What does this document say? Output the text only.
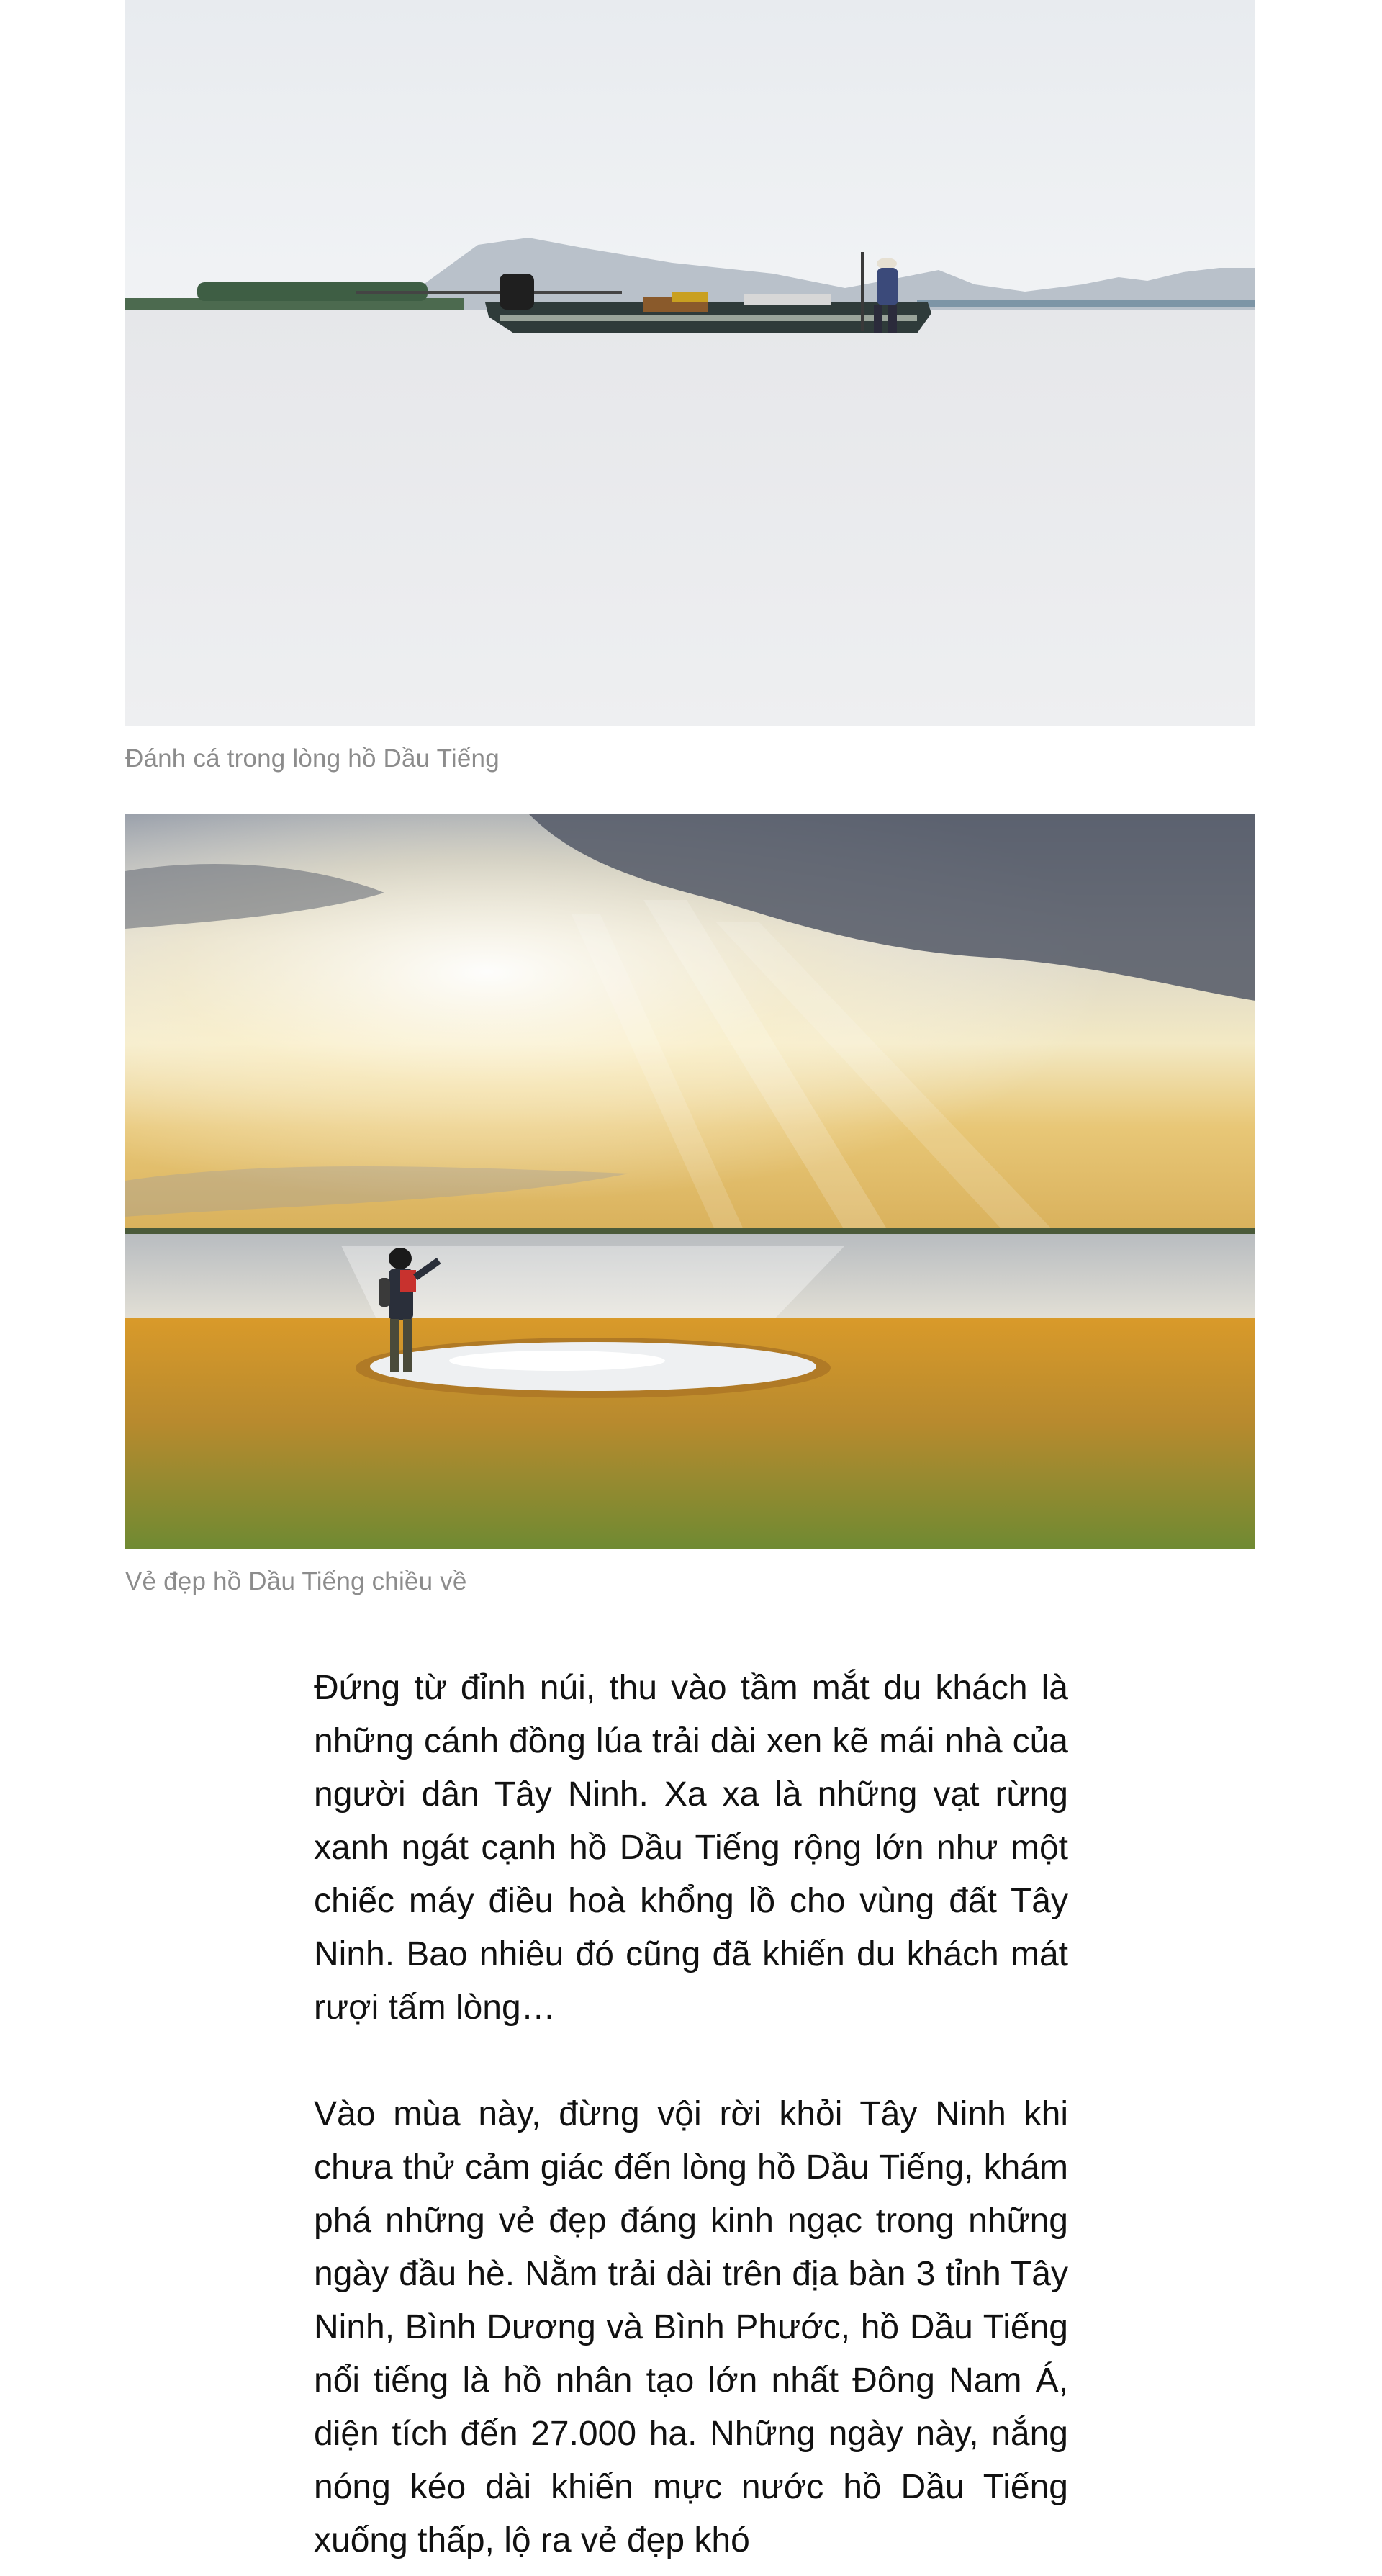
Đánh cá trong lòng hồ Dầu Tiếng
Vẻ đẹp hồ Dầu Tiếng chiều về

Đứng từ đỉnh núi, thu vào tầm mắt du khách là những cánh đồng lúa trải dài xen kẽ mái nhà của người dân Tây Ninh. Xa xa là những vạt rừng xanh ngát cạnh hồ Dầu Tiếng rộng lớn như một chiếc máy điều hoà khổng lồ cho vùng đất Tây Ninh. Bao nhiêu đó cũng đã khiến du khách mát rượi tấm lòng…

Vào mùa này, đừng vội rời khỏi Tây Ninh khi chưa thử cảm giác đến lòng hồ Dầu Tiếng, khám phá những vẻ đẹp đáng kinh ngạc trong những ngày đầu hè. Nằm trải dài trên địa bàn 3 tỉnh Tây Ninh, Bình Dương và Bình Phước, hồ Dầu Tiếng nổi tiếng là hồ nhân tạo lớn nhất Đông Nam Á, diện tích đến 27.000 ha. Những ngày này, nắng nóng kéo dài khiến mực nước hồ Dầu Tiếng xuống thấp, lộ ra vẻ đẹp khó
